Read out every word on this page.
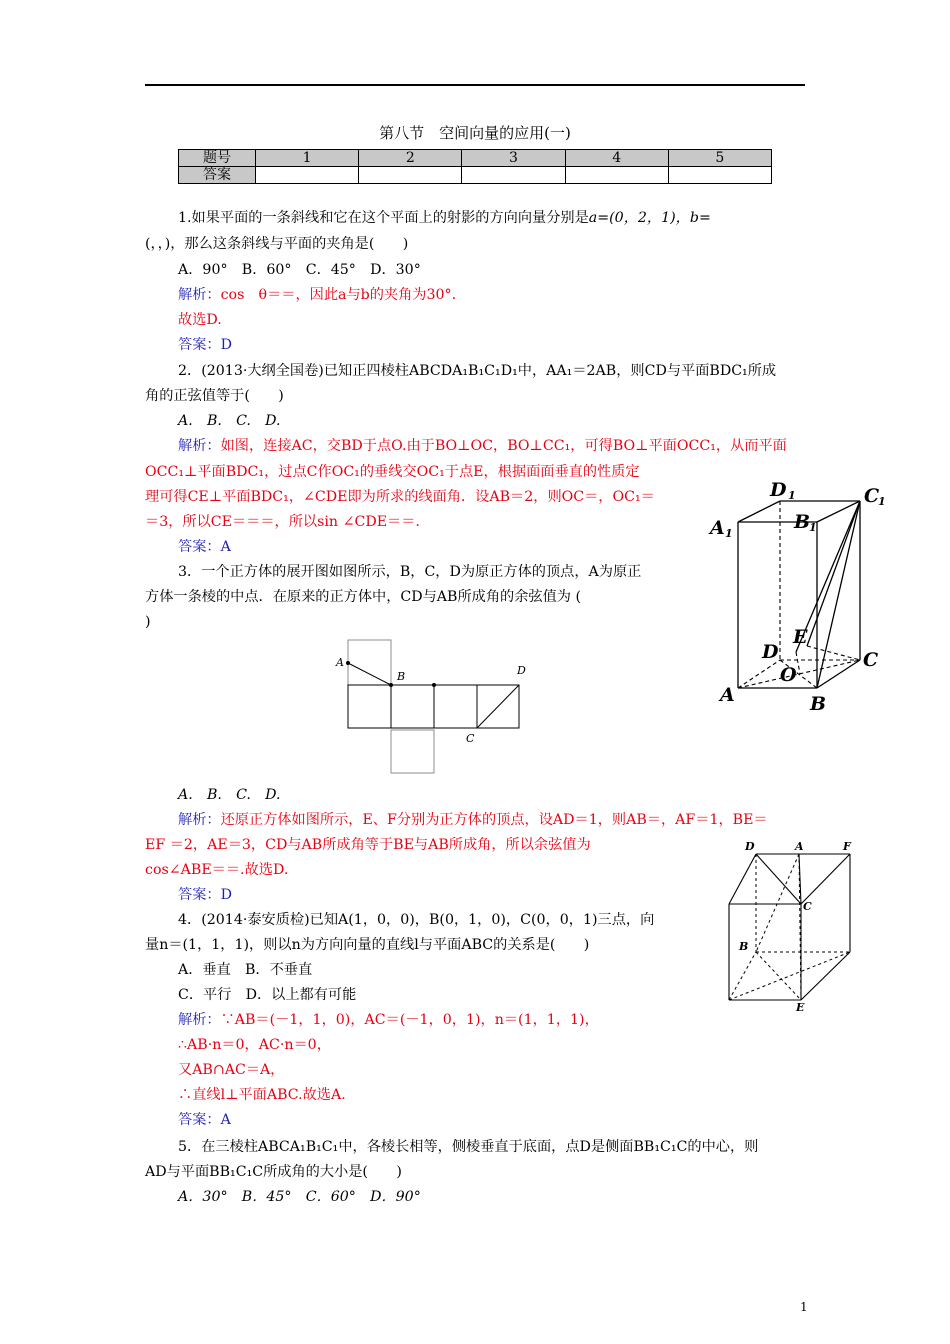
第八节　空间向量的应用(一)
题号	1	2	3	4	5
答案					
1.如果平面的一条斜线和它在这个平面上的射影的方向向量分别是a=(0，2，1)，b=
(，，)，那么这条斜线与平面的夹角是(　　)
A．90°　B．60°　C．45°　D．30°
解析：cos　θ＝＝，因此a与b的夹角为30°.
故选D.
答案：D
2．(2013·大纲全国卷)已知正四棱柱ABCDA₁B₁C₁D₁中，AA₁＝2AB，则CD与平面BDC₁所成
角的正弦值等于(　　)
A.　B.　C.　D.
解析：如图，连接AC，交BD于点O.由于BO⊥OC，BO⊥CC₁，可得BO⊥平面OCC₁，从而平面
OCC₁⊥平面BDC₁，过点C作OC₁的垂线交OC₁于点E，根据面面垂直的性质定
理可得CE⊥平面BDC₁，∠CDE即为所求的线面角．设AB＝2，则OC＝，OC₁＝
＝3，所以CE＝＝＝，所以sin ∠CDE＝＝.
答案：A
3．一个正方体的展开图如图所示，B，C，D为原正方体的顶点，A为原正
方体一条棱的中点．在原来的正方体中，CD与AB所成角的余弦值为 (
)
A.　B.　C.　D.
解析：还原正方体如图所示，E、F分别为正方体的顶点，设AD＝1，则AB＝，AF＝1，BE＝
EF ＝2，AE＝3，CD与AB所成角等于BE与AB所成角，所以余弦值为
cos∠ABE＝＝.故选D.
答案：D
4．(2014·泰安质检)已知A(1，0，0)，B(0，1，0)，C(0，0，1)三点，向
量n＝(1，1，1)，则以n为方向向量的直线l与平面ABC的关系是(　　)
A．垂直　B．不垂直
C．平行　D．以上都有可能
解析：∵AB＝(－1，1，0)，AC＝(－1，0，1)，n＝(1，1，1)，
∴AB·n＝0，AC·n＝0，
又AB∩AC＝A，
∴直线l⊥平面ABC.故选A.
答案：A
5．在三棱柱ABCA₁B₁C₁中，各棱长相等，侧棱垂直于底面，点D是侧面BB₁C₁C的中心，则
AD与平面BB₁C₁C所成角的大小是(　　)
A．30°　B．45°　C．60°　D．90°
1
D 1	C
1
B
1
A 1
E
D	C
O
A	B
A
B	D
C
D	A	F
C
B
E
